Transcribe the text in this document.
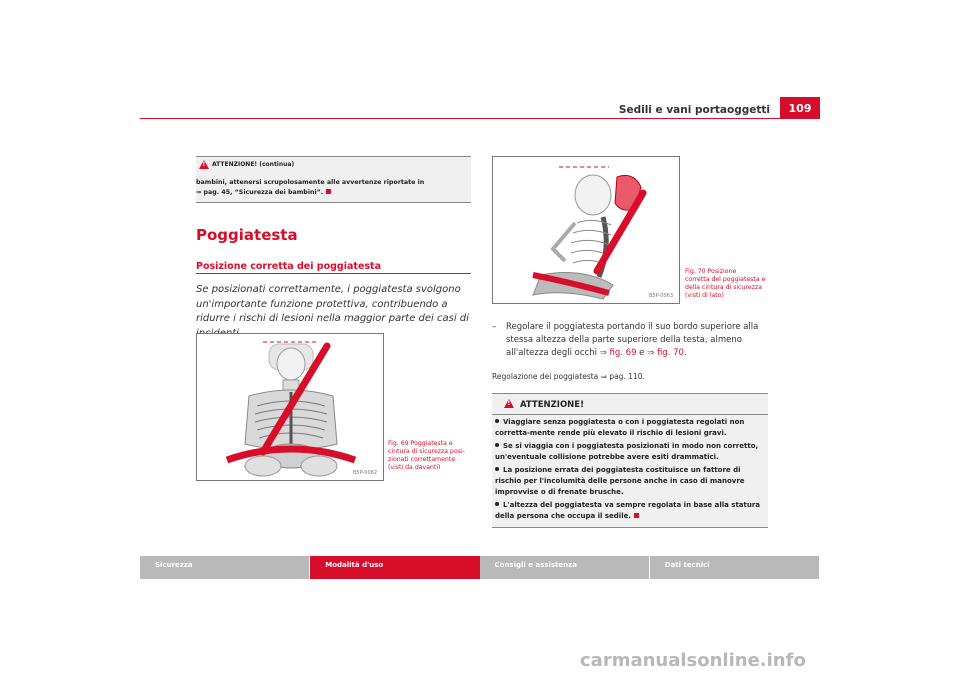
Sedili e vani portaoggetti	109
!
ATTENZIONE! (continua)
bambini, attenersi scrupolosamente alle avvertenze riportate in
⇒ pag. 45, “Sicurezza dei bambini”.
Poggiatesta
Posizione corretta dei poggiatesta
Se posizionati correttamente, i poggiatesta svolgono un'importante funzione protettiva, contribuendo a ridurre i rischi di lesioni nella maggior parte dei casi di
B5P-0062
Fig. 69 Poggiatesta e
cintura di sicurezza posi-
zionati correttamente
(visti da davanti)
B5P-0063
Fig. 70 Posizione
corretta del poggiatesta e
della cintura di sicurezza
(visti di lato)
– Regolare il poggiatesta portando il suo bordo superiore alla
stessa altezza della parte superiore della testa, almeno
all'altezza degli occhi ⇒ fig. 69 e ⇒ fig. 70.
Regolazione dei poggiatesta ⇒ pag. 110.
!
ATTENZIONE!
Viaggiare senza poggiatesta o con i poggiatesta regolati non corretta-mente rende più elevato il rischio di lesioni gravi.
Se si viaggia con i poggiatesta posizionati in modo non corretto, un'eventuale collisione potrebbe avere esiti drammatici.
La posizione errata dei poggiatesta costituisce un fattore di rischio per l'incolumità delle persone anche in caso di manovre improvvise o di frenate brusche.
L'altezza del poggiatesta va sempre regolata in base alla statura della persona che occupa il sedile.
Sicurezza	Modalità d'uso	Consigli e assistenza	Dati tecnici
carmanualsonline.info
